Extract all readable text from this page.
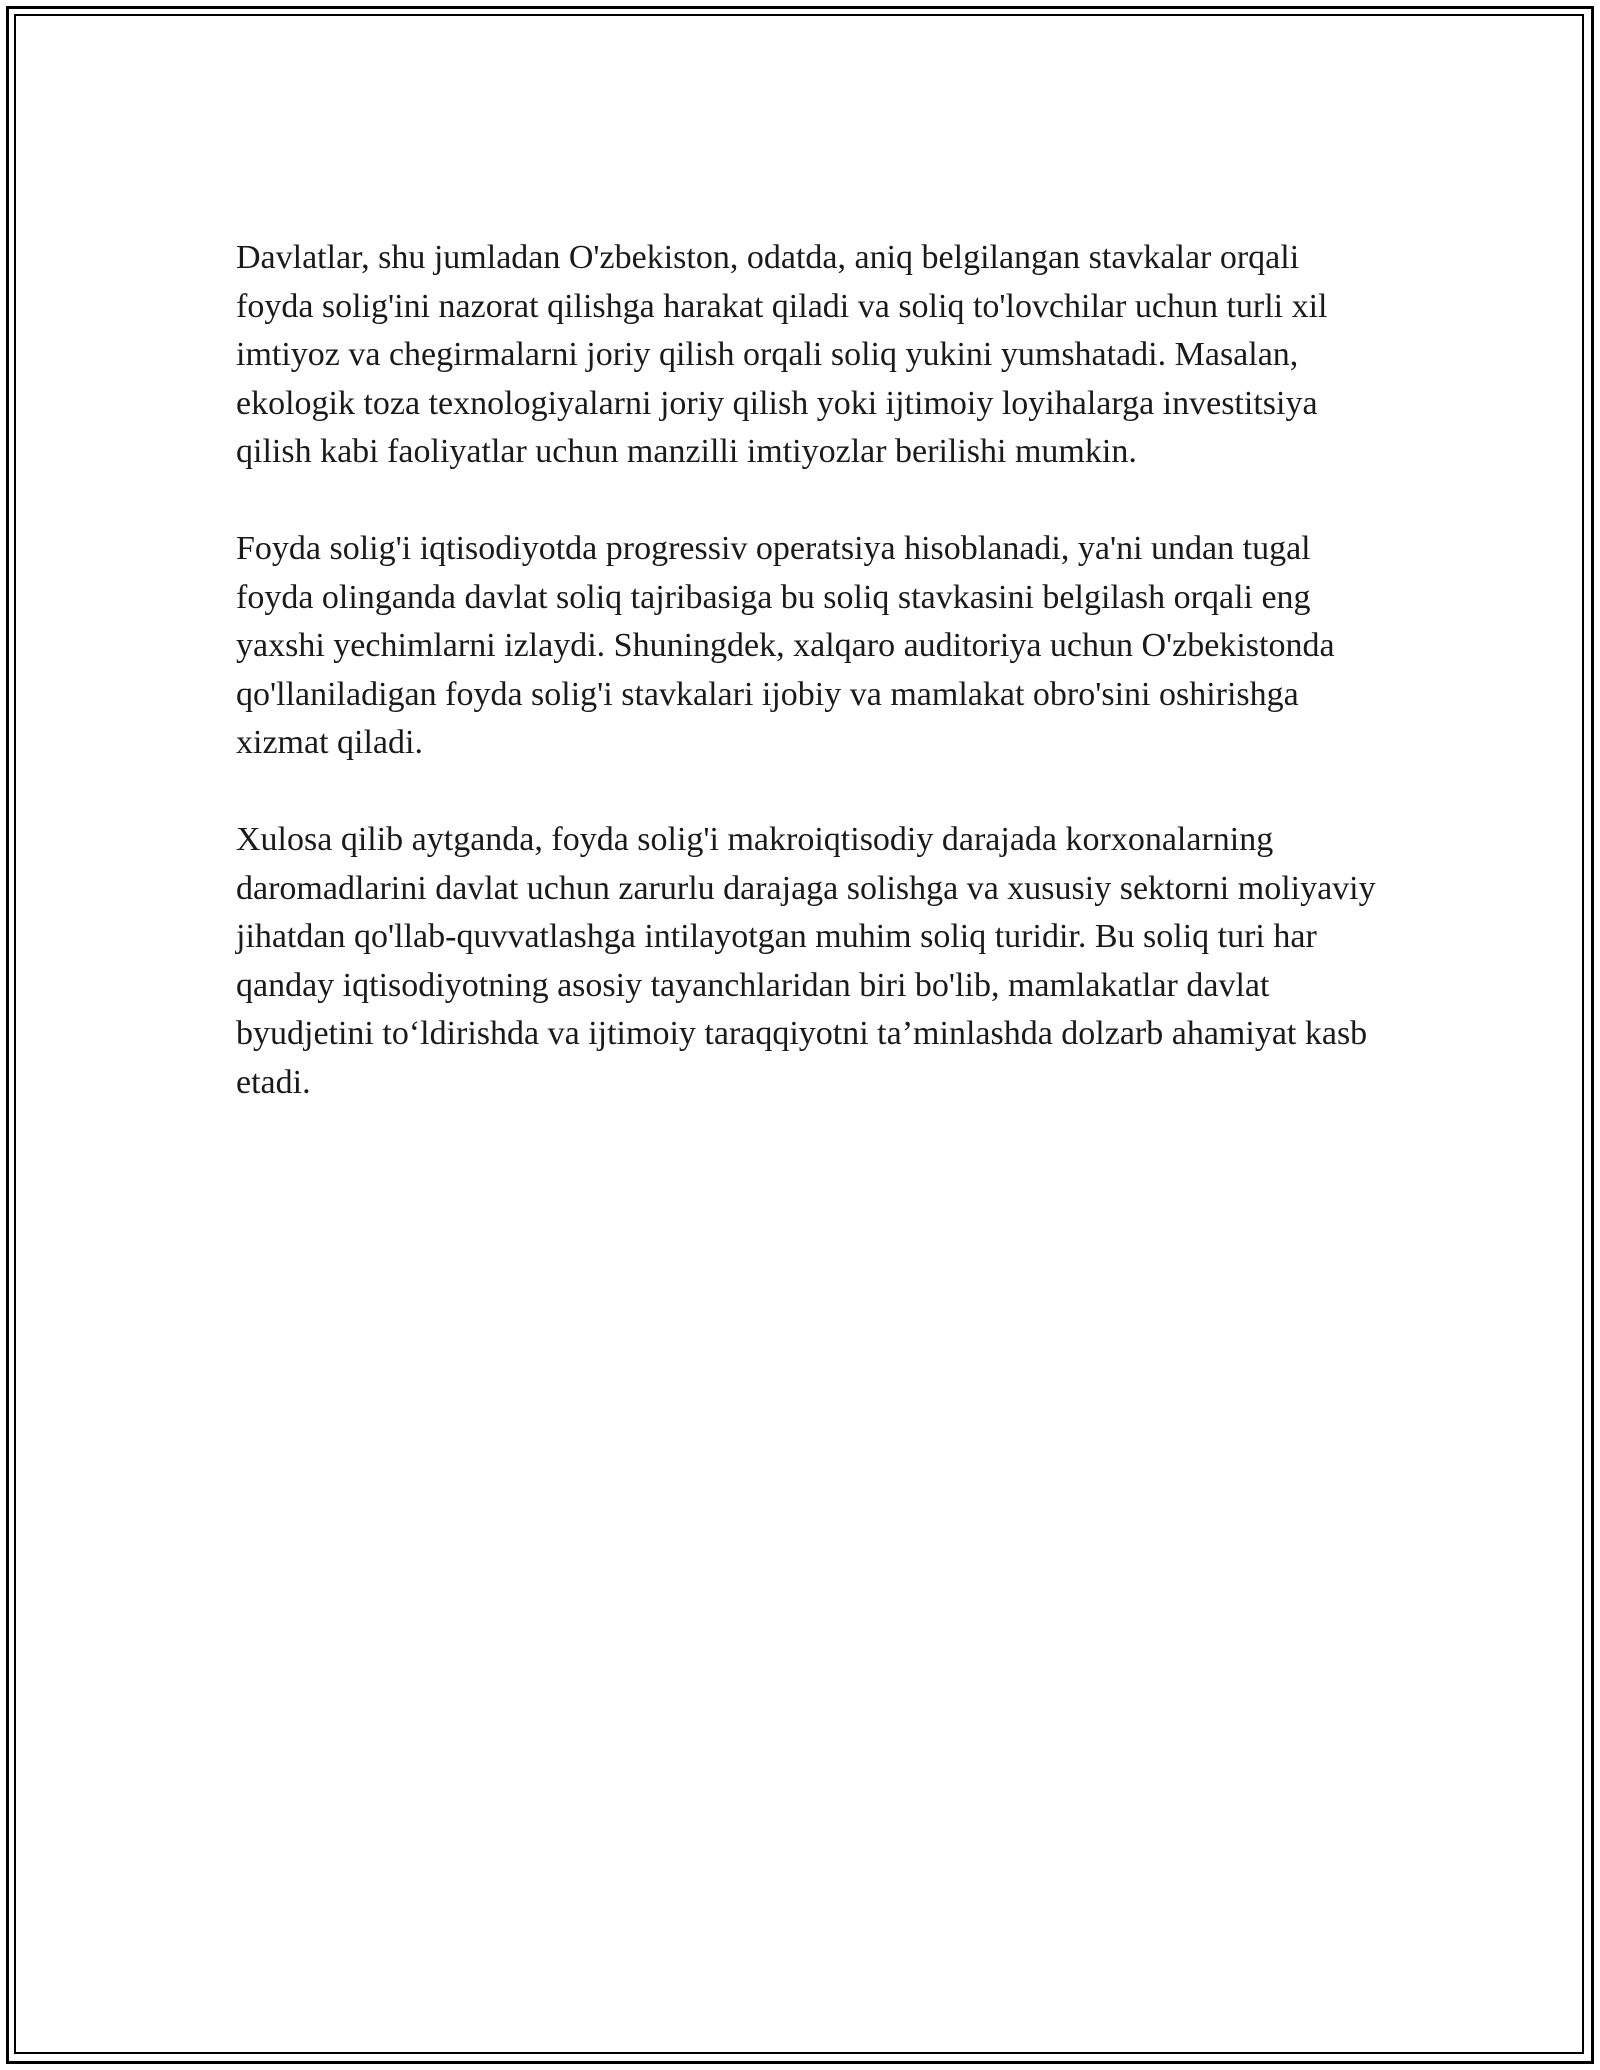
Davlatlar, shu jumladan O'zbekiston, odatda, aniq belgilangan stavkalar orqali foyda solig'ini nazorat qilishga harakat qiladi va soliq to'lovchilar uchun turli xil imtiyoz va chegirmalarni joriy qilish orqali soliq yukini yumshatadi. Masalan, ekologik toza texnologiyalarni joriy qilish yoki ijtimoiy loyihalarga investitsiya qilish kabi faoliyatlar uchun manzilli imtiyozlar berilishi mumkin.

Foyda solig'i iqtisodiyotda progressiv operatsiya hisoblanadi, ya'ni undan tugal foyda olinganda davlat soliq tajribasiga bu soliq stavkasini belgilash orqali eng yaxshi yechimlarni izlaydi. Shuningdek, xalqaro auditoriya uchun O'zbekistonda qo'llaniladigan foyda solig'i stavkalari ijobiy va mamlakat obro'sini oshirishga xizmat qiladi.

Xulosa qilib aytganda, foyda solig'i makroiqtisodiy darajada korxonalarning daromadlarini davlat uchun zarurlu darajaga solishga va xususiy sektorni moliyaviy jihatdan qo'llab-quvvatlashga intilayotgan muhim soliq turidir. Bu soliq turi har qanday iqtisodiyotning asosiy tayanchlaridan biri bo'lib, mamlakatlar davlat byudjetini to‘ldirishda va ijtimoiy taraqqiyotni ta’minlashda dolzarb ahamiyat kasb etadi.
